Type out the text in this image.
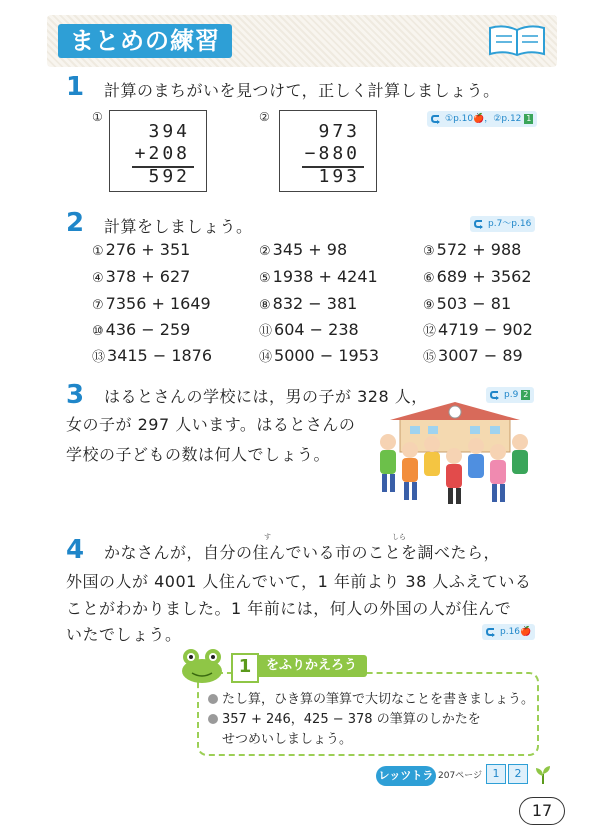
まとめの練習
1 計算のまちがいを見つけて，正しく計算しましょう。
①p.10🍎，②p.12 1
①
394
+208
592
②
973
−880
193
2 計算をしましょう。	p.7～p.16
① 276 + 351	② 345 + 98	③ 572 + 988
④ 378 + 627	⑤ 1938 + 4241	⑥ 689 + 3562
⑦ 7356 + 1649	⑧ 832 − 381	⑨ 503 − 81
⑩ 436 − 259	⑪ 604 − 238	⑫ 4719 − 902
⑬ 3415 − 1876	⑭ 5000 − 1953	⑮ 3007 − 89
3 はるとさんの学校には，男の子が 328 人，
女の子が 297 人います。はるとさんの
学校の子どもの数は何人でしょう。
p.9 2
4	す	しら
かなさんが，自分の住んでいる市のことを調べたら，
外国の人が 4001 人住んでいて，1 年前より 38 人ふえている
ことがわかりました。1 年前には，何人の外国の人が住んで
いたでしょう。	p.16🍎
をふりかえろう
1
たし算，ひき算の筆算で大切なことを書きましょう。
357 + 246，425 − 378 の筆算のしかたを
せつめいしましょう。
レッツトライ
207ページ 1	2
17
